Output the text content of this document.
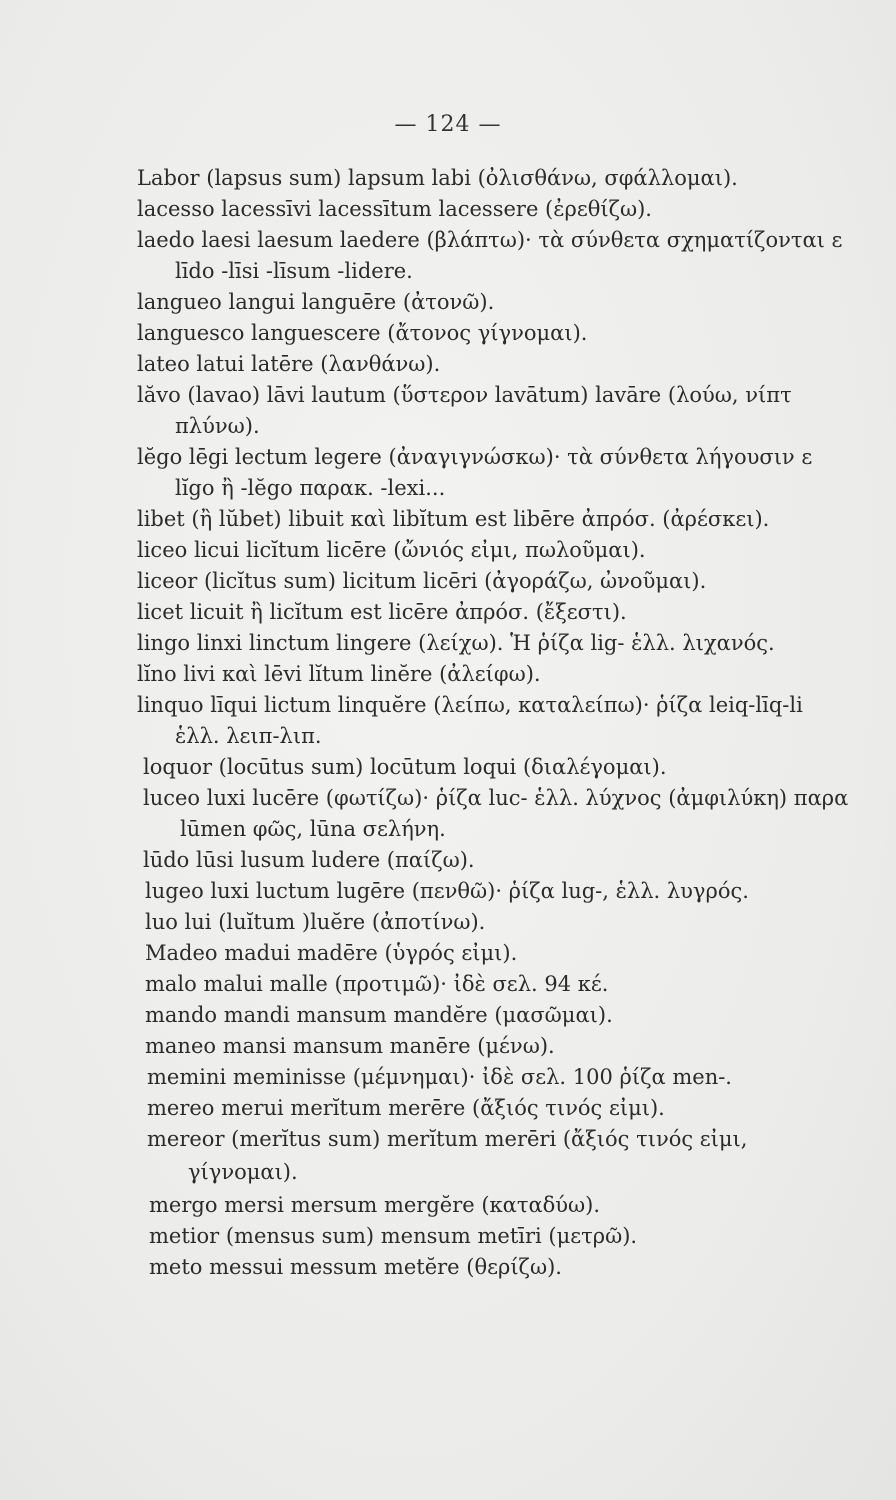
— 124 —
Labor (lapsus sum) lapsum labi (ὀλισθάνω, σφάλλομαι).
lacesso lacessīvi lacessītum lacessere (ἐρεθίζω).
laedo laesi laesum laedere (βλάπτω)· τὰ σύνθετα σχηματίζονται ε
līdo -līsi -līsum -lidere.
langueo langui languēre (ἀτονῶ).
languesco languescere (ἄτονος γίγνομαι).
lateo latui latēre (λανθάνω).
lăvo (lavao) lāvi lautum (ὕστερον lavātum) lavāre (λούω, νίπτ
πλύνω).
lĕgo lēgi lectum legere (ἀναγιγνώσκω)· τὰ σύνθετα λήγουσιν ε
lĭgo ἢ -lĕgo παρακ. -lexi...
libet (ἢ lŭbet) libuit καὶ libĭtum est libēre ἀπρόσ. (ἀρέσκει).
liceo licui licĭtum licēre (ὤνιός εἰμι, πωλοῦμαι).
liceor (licĭtus sum) licitum licēri (ἀγοράζω, ὠνοῦμαι).
licet licuit ἢ licĭtum est licēre ἀπρόσ. (ἔξεστι).
lingo linxi linctum lingere (λείχω). Ἡ ῥίζα lig- ἑλλ. λιχανός.
lĭno livi καὶ lēvi lĭtum linĕre (ἀλείφω).
linquo līqui lictum linquĕre (λείπω, καταλείπω)· ῥίζα leiq-līq-li
ἑλλ. λειπ-λιπ.
loquor (locūtus sum) locūtum loqui (διαλέγομαι).
luceo luxi lucēre (φωτίζω)· ῥίζα luc- ἑλλ. λύχνος (ἀμφιλύκη) παρα
lūmen φῶς, lūna σελήνη.
lūdo lūsi lusum ludere (παίζω).
lugeo luxi luctum lugēre (πενθῶ)· ῥίζα lug-, ἑλλ. λυγρός.
luo lui (luĭtum )luĕre (ἀποτίνω).
Madeo madui madēre (ὑγρός εἰμι).
malo malui malle (προτιμῶ)· ἰδὲ σελ. 94 κέ.
mando mandi mansum mandĕre (μασῶμαι).
maneo mansi mansum manēre (μένω).
memini meminisse (μέμνημαι)· ἰδὲ σελ. 100 ῥίζα men-.
mereo merui merĭtum merēre (ἄξιός τινός εἰμι).
mereor (merĭtus sum) merĭtum merēri (ἄξιός τινός εἰμι,
γίγνομαι).
mergo mersi mersum mergĕre (καταδύω).
metior (mensus sum) mensum metīri (μετρῶ).
meto messui messum metĕre (θερίζω).
